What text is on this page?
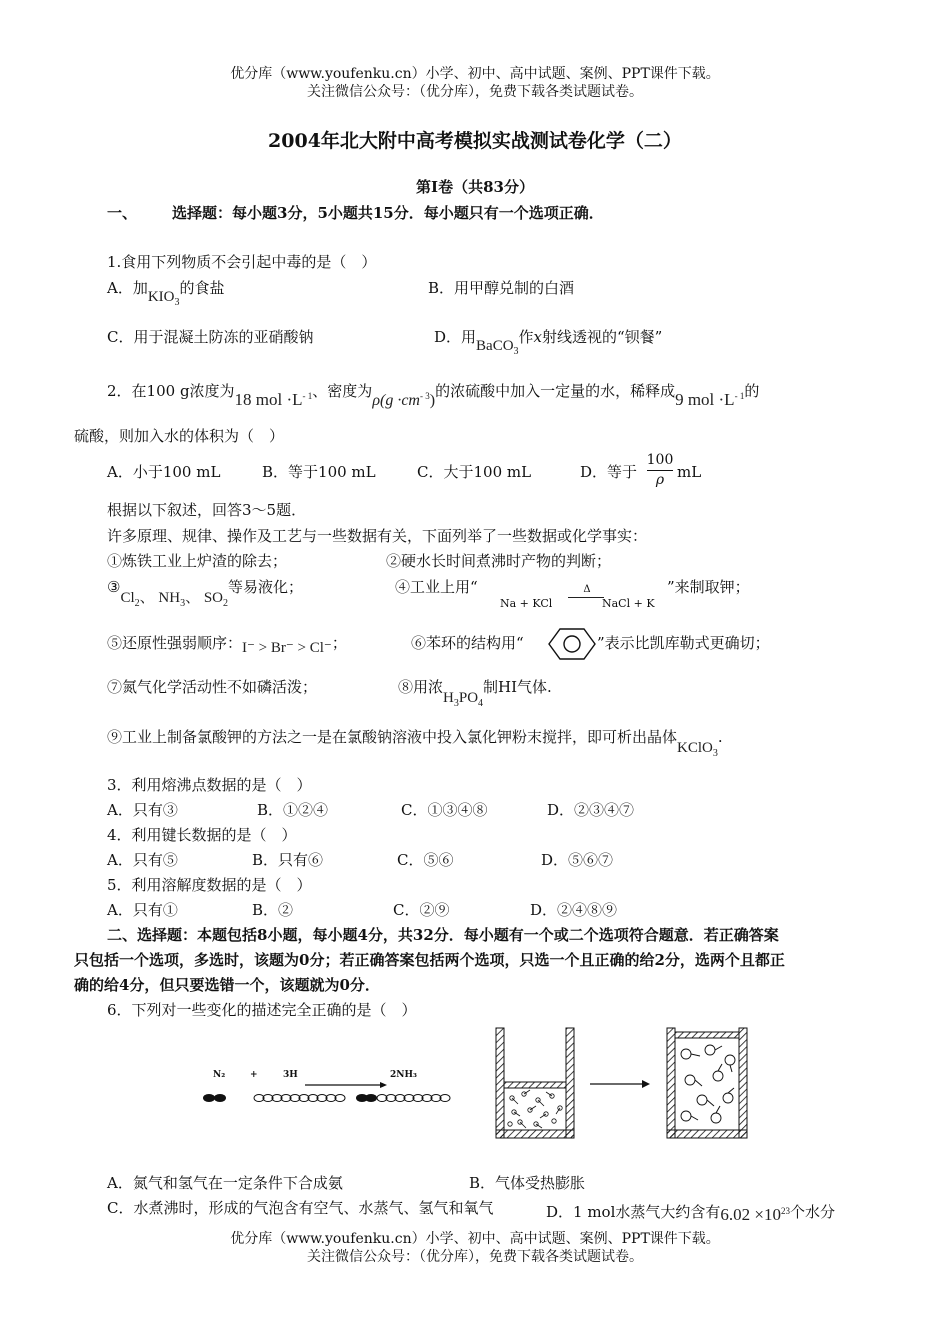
优分库（www.youfenku.cn）小学、初中、高中试题、案例、PPT课件下载。
关注微信公众号：（优分库），免费下载各类试题试卷。
2004年北大附中高考模拟实战测试卷化学（二）
第Ⅰ卷（共83分）
一、 选择题：每小题3分，5小题共15分．每小题只有一个选项正确．
1.食用下列物质不会引起中毒的是（　）
A．加$KIO_3$的食盐	B．用甲醇兑制的白酒
C．用于混凝土防冻的亚硝酸钠	D．用BaCO$_3$作x射线透视的“钡餐”
2．在100 g浓度为18 mol $\cdot L^{- 1}$、密度为$\rho(g \cdot cm^{- 3})$的浓硫酸中加入一定量的水，稀释成9 mol $\cdot L^{- 1}$的
硫酸，则加入水的体积为（　）
A．小于100 mL	B．等于100 mL	C．大于100 mL	D．等于
100
ρ mL
根据以下叙述，回答3～5题．
许多原理、规律、操作及工艺与一些数据有关，下面列举了一些数据或化学事实：
①炼铁工业上炉渣的除去；	②硬水长时间煮沸时产物的判断；
$③Cl_2$、 $NH_3$、 $SO_2$等易液化；	④工业上用“
Na + KCl
Δ
NaCl + K
”来制取钾；
⑤还原性强弱顺序：I⁻ > Br⁻ > Cl⁻；	⑥苯环的结构用“	”表示比凯库勒式更确切；
⑦氮气化学活动性不如磷活泼；	⑧用浓$H_3PO_4$制HI气体.
⑨工业上制备氯酸钾的方法之一是在氯酸钠溶液中投入氯化钾粉末搅拌，即可析出晶体KClO$_3$.
3．利用熔沸点数据的是（　）
A．只有③	B．①②④	C．①③④⑧	D．②③④⑦
4．利用键长数据的是（　）
A．只有⑤	B．只有⑥	C．⑤⑥	D．⑤⑥⑦
5．利用溶解度数据的是（　）
A．只有①	B．②	C．②⑨	D．②④⑧⑨
二、选择题：本题包括8小题，每小题4分，共32分．每小题有一个或二个选项符合题意．若正确答案
只包括一个选项，多选时，该题为0分；若正确答案包括两个选项，只选一个且正确的给2分，选两个且都正
确的给4分，但只要选错一个，该题就为0分．
6．下列对一些变化的描述完全正确的是（　）
N₂	+	3H	2NH₃
A．氮气和氢气在一定条件下合成氨	B．气体受热膨胀
C．水煮沸时，形成的气泡含有空气、水蒸气、氢气和氧气	D．1 mol水蒸气大约含有$6.02 \times 10^{23}$个水分
优分库（www.youfenku.cn）小学、初中、高中试题、案例、PPT课件下载。
关注微信公众号：（优分库），免费下载各类试题试卷。
